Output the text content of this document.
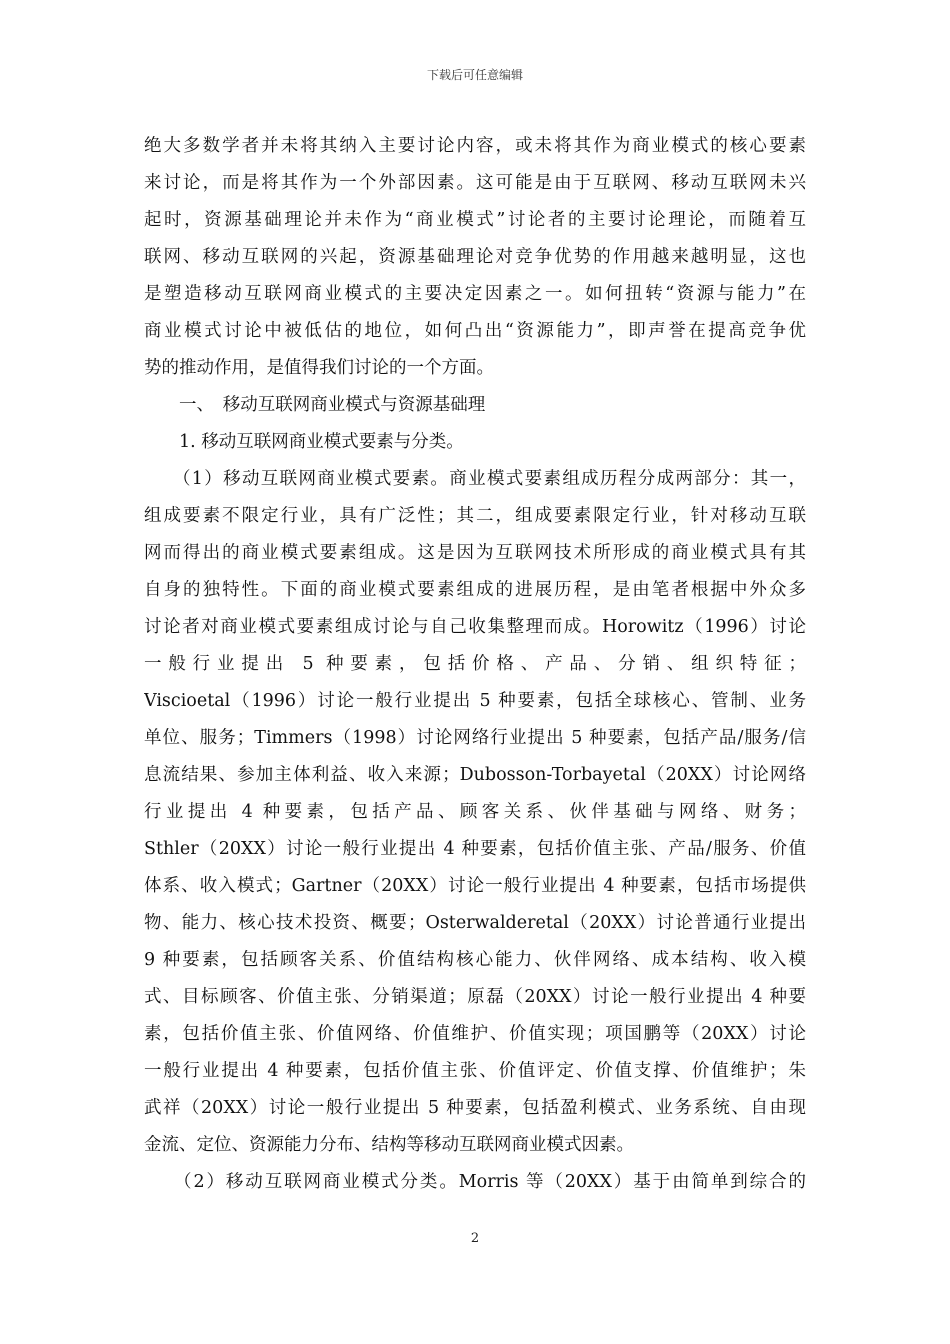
下载后可任意编辑
绝大多数学者并未将其纳入主要讨论内容，或未将其作为商业模式的核心要素
来讨论，而是将其作为一个外部因素。这可能是由于互联网、移动互联网未兴
起时，资源基础理论并未作为“商业模式”讨论者的主要讨论理论，而随着互
联网、移动互联网的兴起，资源基础理论对竞争优势的作用越来越明显，这也
是塑造移动互联网商业模式的主要决定因素之一。如何扭转“资源与能力”在
商业模式讨论中被低估的地位，如何凸出“资源能力”，即声誉在提高竞争优
势的推动作用，是值得我们讨论的一个方面。
　　一、　移动互联网商业模式与资源基础理
　　1. 移动互联网商业模式要素与分类。
　　（1）移动互联网商业模式要素。商业模式要素组成历程分成两部分：其一，
组成要素不限定行业，具有广泛性；其二，组成要素限定行业，针对移动互联
网而得出的商业模式要素组成。这是因为互联网技术所形成的商业模式具有其
自身的独特性。下面的商业模式要素组成的进展历程，是由笔者根据中外众多
讨论者对商业模式要素组成讨论与自己收集整理而成。Horowitz（1996）讨论
一般行业提出 5 种要素，包括价格、产品、分销、组织特征；
Viscioetal（1996）讨论一般行业提出 5 种要素，包括全球核心、管制、业务
单位、服务；Timmers（1998）讨论网络行业提出 5 种要素，包括产品/服务/信
息流结果、参加主体利益、收入来源；Dubosson-Torbayetal（20XX）讨论网络
行业提出 4 种要素，包括产品、顾客关系、伙伴基础与网络、财务；
Sthler（20XX）讨论一般行业提出 4 种要素，包括价值主张、产品/服务、价值
体系、收入模式；Gartner（20XX）讨论一般行业提出 4 种要素，包括市场提供
物、能力、核心技术投资、概要；Osterwalderetal（20XX）讨论普通行业提出
9 种要素，包括顾客关系、价值结构核心能力、伙伴网络、成本结构、收入模
式、目标顾客、价值主张、分销渠道；原磊（20XX）讨论一般行业提出 4 种要
素，包括价值主张、价值网络、价值维护、价值实现；项国鹏等（20XX）讨论
一般行业提出 4 种要素，包括价值主张、价值评定、价值支撑、价值维护；朱
武祥（20XX）讨论一般行业提出 5 种要素，包括盈利模式、业务系统、自由现
金流、定位、资源能力分布、结构等移动互联网商业模式因素。
　　（2）移动互联网商业模式分类。Morris 等（20XX）基于由简单到综合的
2
